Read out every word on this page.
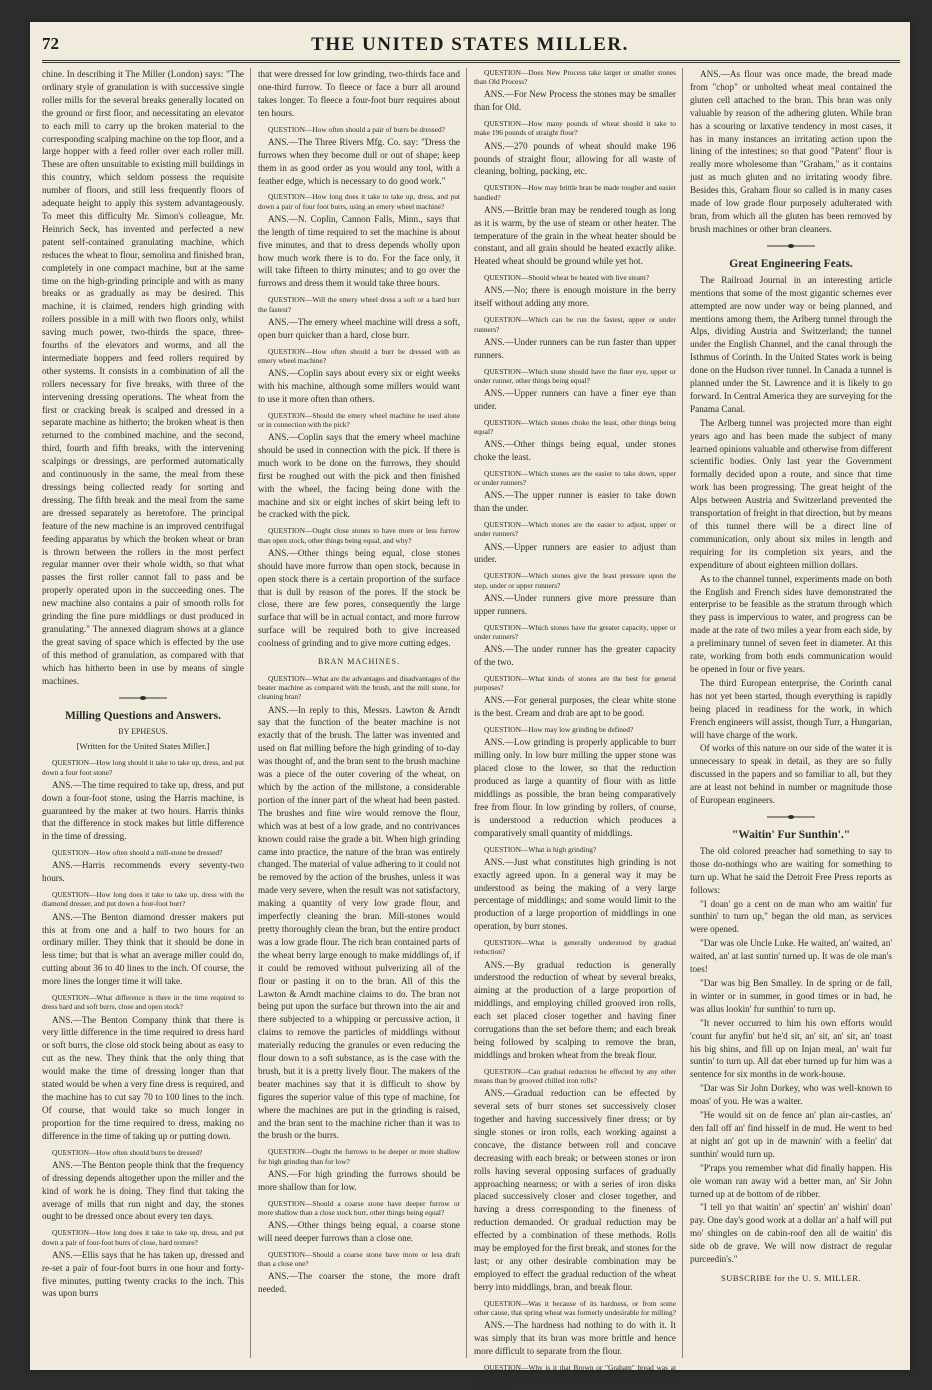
72	THE UNITED STATES MILLER.

chine. In describing it The Miller (London) says: "The ordinary style of granulation is with successive single roller mills for the several breaks generally located on the ground or first floor, and necessitating an elevator to each mill to carry up the broken material to the corresponding scalping machine on the top floor, and a large hopper with a feed roller over each roller mill. These are often unsuitable to existing mill buildings in this country, which seldom possess the requisite number of floors, and still less frequently floors of adequate height to apply this system advantageously. To meet this difficulty Mr. Simon's colleague, Mr. Heinrich Seck, has invented and perfected a new patent self-contained granulating machine, which reduces the wheat to flour, semolina and finished bran, completely in one compact machine, but at the same time on the high-grinding principle and with as many breaks or as gradually as may be desired. This machine, it is claimed, renders high grinding with rollers possible in a mill with two floors only, whilst saving much power, two-thirds the space, three-fourths of the elevators and worms, and all the intermediate hoppers and feed rollers required by other systems. It consists in a combination of all the rollers necessary for five breaks, with three of the intervening dressing operations. The wheat from the first or cracking break is scalped and dressed in a separate machine as hitherto; the broken wheat is then returned to the combined machine, and the second, third, fourth and fifth breaks, with the intervening scalpings or dressings, are performed automatically and continuously in the same, the meal from these dressings being collected ready for sorting and dressing. The fifth break and the meal from the same are dressed separately as heretofore. The principal feature of the new machine is an improved centrifugal feeding apparatus by which the broken wheat or bran is thrown between the rollers in the most perfect regular manner over their whole width, so that what passes the first roller cannot fall to pass and be properly operated upon in the succeeding ones. The new machine also contains a pair of smooth rolls for grinding the fine pure middlings or dust produced in granulating." The annexed diagram shows at a glance the great saving of space which is effected by the use of this method of granulation, as compared with that which has hitherto been in use by means of single machines.

Milling Questions and Answers.
BY EPHESUS.
[Written for the United States Miller.]

QUESTION—How long should it take to take up, dress, and put down a four foot stone?

ANS.—The time required to take up, dress, and put down a four-foot stone, using the Harris machine, is guaranteed by the maker at two hours. Harris thinks that the difference in stock makes but little difference in the time of dressing.

QUESTION—How often should a mill-stone be dressed?

ANS.—Harris recommends every seventy-two hours.

QUESTION—How long does it take to take up, dress with the diamond dresser, and put down a four-foot burr?

ANS.—The Benton diamond dresser makers put this at from one and a half to two hours for an ordinary miller. They think that it should be done in less time; but that is what an average miller could do, cutting about 36 to 40 lines to the inch. Of course, the more lines the longer time it will take.

QUESTION—What difference is there in the time required to dress hard and soft burrs, close and open stock?

ANS.—The Benton Company think that there is very little difference in the time required to dress hard or soft burrs, the close old stock being about as easy to cut as the new. They think that the only thing that would make the time of dressing longer than that stated would be when a very fine dress is required, and the machine has to cut say 70 to 100 lines to the inch. Of course, that would take so much longer in proportion for the time required to dress, making no difference in the time of taking up or putting down.

QUESTION—How often should burrs be dressed?

ANS.—The Benton people think that the frequency of dressing depends altogether upon the miller and the kind of work he is doing. They find that taking the average of mills that run night and day, the stones ought to be dressed once about every ten days.

QUESTION—How long does it take to take up, dress, and put down a pair of four-foot burrs of close, hard texture?

ANS.—Ellis says that he has taken up, dressed and re-set a pair of four-foot burrs in one hour and forty-five minutes, putting twenty cracks to the inch. This was upon burrs

that were dressed for low grinding, two-thirds face and one-third furrow. To fleece or face a burr all around takes longer. To fleece a four-foot burr requires about ten hours.

QUESTION—How often should a pair of burrs be dressed?

ANS.—The Three Rivers Mfg. Co. say: "Dress the furrows when they become dull or out of shape; keep them in as good order as you would any tool, with a feather edge, which is necessary to do good work."

QUESTION—How long does it take to take up, dress, and put down a pair of four foot burrs, using an emery wheel machine?

ANS.—N. Coplin, Cannon Falls, Minn., says that the length of time required to set the machine is about five minutes, and that to dress depends wholly upon how much work there is to do. For the face only, it will take fifteen to thirty minutes; and to go over the furrows and dress them it would take three hours.

QUESTION—Will the emery wheel dress a soft or a hard burr the fastest?

ANS.—The emery wheel machine will dress a soft, open burr quicker than a hard, close burr.

QUESTION—How often should a burr be dressed with an emery wheel machine?

ANS.—Coplin says about every six or eight weeks with his machine, although some millers would want to use it more often than others.

QUESTION—Should the emery wheel machine be used alone or in connection with the pick?

ANS.—Coplin says that the emery wheel machine should be used in connection with the pick. If there is much work to be done on the furrows, they should first be roughed out with the pick and then finished with the wheel, the facing being done with the machine and six or eight inches of skirt being left to be cracked with the pick.

QUESTION—Ought close stones to have more or less furrow than open stock, other things being equal, and why?

ANS.—Other things being equal, close stones should have more furrow than open stock, because in open stock there is a certain proportion of the surface that is dull by reason of the pores. If the stock be close, there are few pores, consequently the large surface that will be in actual contact, and more furrow surface will be required both to give increased coolness of grinding and to give more cutting edges.

BRAN MACHINES.

QUESTION—What are the advantages and disadvantages of the beater machine as compared with the brush, and the mill stone, for cleaning bran?

ANS.—In reply to this, Messrs. Lawton & Arndt say that the function of the beater machine is not exactly that of the brush. The latter was invented and used on flat milling before the high grinding of to-day was thought of, and the bran sent to the brush machine was a piece of the outer covering of the wheat, on which by the action of the millstone, a considerable portion of the inner part of the wheat had been pasted. The brushes and fine wire would remove the flour, which was at best of a low grade, and no contrivances known could raise the grade a bit. When high grinding came into practice, the nature of the bran was entirely changed. The material of value adhering to it could not be removed by the action of the brushes, unless it was made very severe, when the result was not satisfactory, making a quantity of very low grade flour, and imperfectly cleaning the bran. Mill-stones would pretty thoroughly clean the bran, but the entire product was a low grade flour. The rich bran contained parts of the wheat berry large enough to make middlings of, if it could be removed without pulverizing all of the flour or pasting it on to the bran. All of this the Lawton & Arndt machine claims to do. The bran not being put upon the surface but thrown into the air and there subjected to a whipping or percussive action, it claims to remove the particles of middlings without materially reducing the granules or even reducing the flour down to a soft substance, as is the case with the brush, but it is a pretty lively flour. The makers of the beater machines say that it is difficult to show by figures the superior value of this type of machine, for where the machines are put in the grinding is raised, and the bran sent to the machine richer than it was to the brush or the burrs.

QUESTION—Ought the furrows to be deeper or more shallow for high grinding than for low?

ANS.—For high grinding the furrows should be more shallow than for low.

QUESTION—Should a coarse stone have deeper furrow or more shallow than a close stock burr, other things being equal?

ANS.—Other things being equal, a coarse stone will need deeper furrows than a close one.

QUESTION—Should a coarse stone have more or less draft than a close one?

ANS.—The coarser the stone, the more draft needed.

QUESTION—Does New Process take larger or smaller stones than Old Process?

ANS.—For New Process the stones may be smaller than for Old.

QUESTION—How many pounds of wheat should it take to make 196 pounds of straight flour?

ANS.—270 pounds of wheat should make 196 pounds of straight flour, allowing for all waste of cleaning, bolting, packing, etc.

QUESTION—How may brittle bran be made tougher and easier handled?

ANS.—Brittle bran may be rendered tough as long as it is warm, by the use of steam or other heater. The temperature of the grain in the wheat heater should be constant, and all grain should be heated exactly alike. Heated wheat should be ground while yet hot.

QUESTION—Should wheat be heated with live steam?

ANS.—No; there is enough moisture in the berry itself without adding any more.

QUESTION—Which can be run the fastest, upper or under runners?

ANS.—Under runners can be run faster than upper runners.

QUESTION—Which stone should have the finer eye, upper or under runner, other things being equal?

ANS.—Upper runners can have a finer eye than under.

QUESTION—Which stones choke the least, other things being equal?

ANS.—Other things being equal, under stones choke the least.

QUESTION—Which stones are the easier to take down, upper or under runners?

ANS.—The upper runner is easier to take down than the under.

QUESTION—Which stones are the easier to adjust, upper or under runners?

ANS.—Upper runners are easier to adjust than under.

QUESTION—Which stones give the least pressure upon the step, under or upper runners?

ANS.—Under runners give more pressure than upper runners.

QUESTION—Which stones have the greater capacity, upper or under runners?

ANS.—The under runner has the greater capacity of the two.

QUESTION—What kinds of stones are the best for general purposes?

ANS.—For general purposes, the clear white stone is the best. Cream and drab are apt to be good.

QUESTION—How may low grinding be defined?

ANS.—Low grinding is properly applicable to burr milling only. In low burr milling the upper stone was placed close to the lower, so that the reduction produced as large a quantity of flour with as little middlings as possible, the bran being comparatively free from flour. In low grinding by rollers, of course, is understood a reduction which produces a comparatively small quantity of middlings.

QUESTION—What is high grinding?

ANS.—Just what constitutes high grinding is not exactly agreed upon. In a general way it may be understood as being the making of a very large percentage of middlings; and some would limit to the production of a large proportion of middlings in one operation, by burr stones.

QUESTION—What is generally understood by gradual reduction?

ANS.—By gradual reduction is generally understood the reduction of wheat by several breaks, aiming at the production of a large proportion of middlings, and employing chilled grooved iron rolls, each set placed closer together and having finer corrugations than the set before them; and each break being followed by scalping to remove the bran, middlings and broken wheat from the break flour.

QUESTION—Can gradual reduction be effected by any other means than by grooved chilled iron rolls?

ANS.—Gradual reduction can be effected by several sets of burr stones set successively closer together and having successively finer dress; or by single stones or iron rolls, each working against a concave, the distance between roll and concave decreasing with each break; or between stones or iron rolls having several opposing surfaces of gradually approaching nearness; or with a series of iron disks placed successively closer and closer together, and having a dress corresponding to the fineness of reduction demanded. Or gradual reduction may be effected by a combination of these methods. Rolls may be employed for the first break, and stones for the last; or any other desirable combination may be employed to effect the gradual reduction of the wheat berry into middlings, bran, and break flour.

QUESTION—Was it because of its hardness, or from some other cause, that spring wheat was formerly undesirable for milling?

ANS.—The hardness had nothing to do with it. It was simply that its bran was more brittle and hence more difficult to separate from the flour.

QUESTION—Why is it that Brown or "Graham" bread was at one time considered more wholesome than white bread made from bolted flour?

ANS.—As flour was once made, the bread made from "chop" or unbolted wheat meal contained the gluten cell attached to the bran. This bran was only valuable by reason of the adhering gluten. While bran has a scouring or laxative tendency in most cases, it has in many instances an irritating action upon the lining of the intestines; so that good "Patent" flour is really more wholesome than "Graham," as it contains just as much gluten and no irritating woody fibre. Besides this, Graham flour so called is in many cases made of low grade flour purposely adulterated with bran, from which all the gluten has been removed by brush machines or other bran cleaners.

Great Engineering Feats.

The Railroad Journal in an interesting article mentions that some of the most gigantic schemes ever attempted are now under way or being planned, and mentions among them, the Arlberg tunnel through the Alps, dividing Austria and Switzerland; the tunnel under the English Channel, and the canal through the Isthmus of Corinth. In the United States work is being done on the Hudson river tunnel. In Canada a tunnel is planned under the St. Lawrence and it is likely to go forward. In Central America they are surveying for the Panama Canal.

The Arlberg tunnel was projected more than eight years ago and has been made the subject of many learned opinions valuable and otherwise from different scientific bodies. Only last year the Government formally decided upon a route, and since that time work has been progressing. The great height of the Alps between Austria and Switzerland prevented the transportation of freight in that direction, but by means of this tunnel there will be a direct line of communication, only about six miles in length and requiring for its completion six years, and the expenditure of about eighteen million dollars.

As to the channel tunnel, experiments made on both the English and French sides have demonstrated the enterprise to be feasible as the stratum through which they pass is impervious to water, and progress can be made at the rate of two miles a year from each side, by a preliminary tunnel of seven feet in diameter. At this rate, working from both ends communication would be opened in four or five years.

The third European enterprise, the Corinth canal has not yet been started, though everything is rapidly being placed in readiness for the work, in which French engineers will assist, though Turr, a Hungarian, will have charge of the work.

Of works of this nature on our side of the water it is unnecessary to speak in detail, as they are so fully discussed in the papers and so familiar to all, but they are at least not behind in number or magnitude those of European engineers.

"Waitin' Fur Sunthin'."

The old colored preacher had something to say to those do-nothings who are waiting for something to turn up. What he said the Detroit Free Press reports as follows:

"I doan' go a cent on de man who am waitin' fur sunthin' to turn up," began the old man, as services were opened.

"Dar was ole Uncle Luke. He waited, an' waited, an' waited, an' at last suntin' turned up. It was de ole man's toes!

"Dar was big Ben Smalley. In de spring or de fall, in winter or in summer, in good times or in bad, he was allus lookin' fur sunthin' to turn up.

"It never occurred to him his own efforts would 'count fur anyfin' but he'd sit, an' sit, an' sit, an' toast his big shins, and fill up on Injan meal, an' wait fur suntin' to turn up. All dat eber turned up fur him was a sentence for six months in de work-house.

"Dar was Sir John Dorkey, who was well-known to moas' of you. He was a waiter.

"He would sit on de fence an' plan air-castles, an' den fall off an' find hisself in de mud. He went to bed at night an' got up in de mawnin' with a feelin' dat sunthin' would turn up.

"P'raps you remember what did finally happen. His ole woman ran away wid a better man, an' Sir John turned up at de bottom of de ribber.

"I tell yo that waitin' an' spectin' an' wishin' doan' pay. One day's good work at a dollar an' a half will put mo' shingles on de cabin-roof den all de waitin' dis side ob de grave. We will now distract de regular purceedin's."

SUBSCRIBE for the U. S. MILLER.
